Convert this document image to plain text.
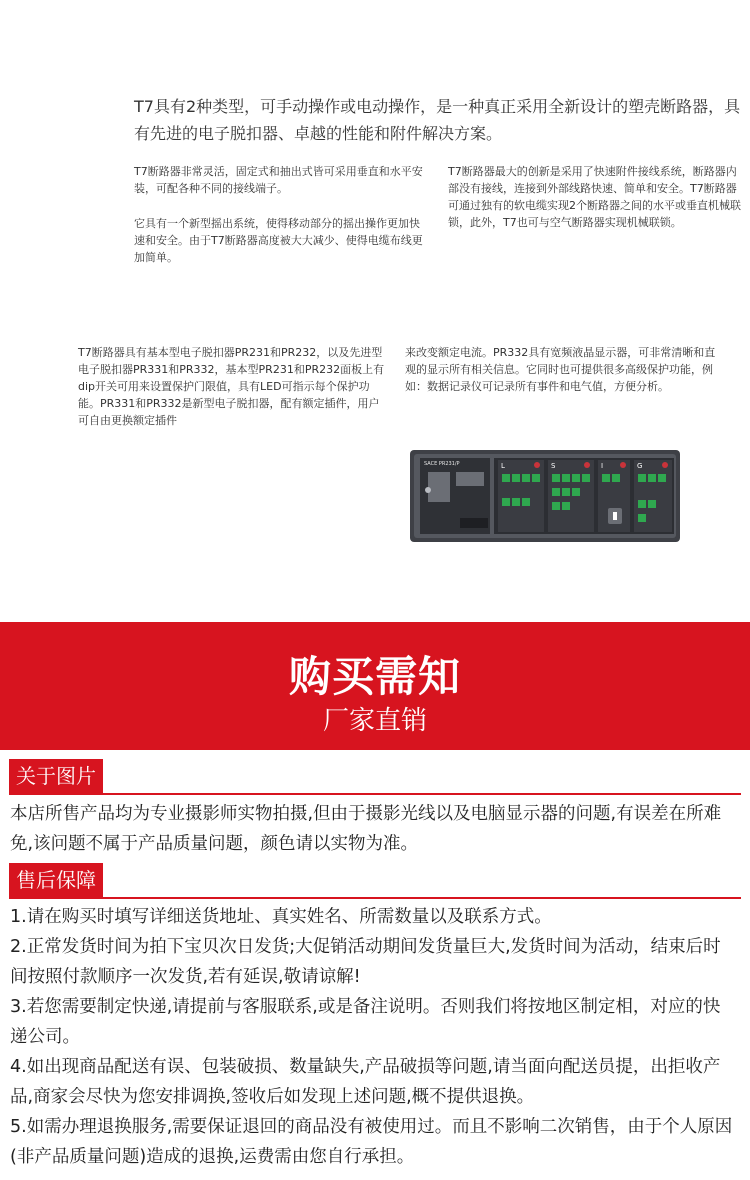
T7具有2种类型，可手动操作或电动操作，是一种真正采用全新设计的塑壳断路器，具有先进的电子脱扣器、卓越的性能和附件解决方案。
T7断路器非常灵活，固定式和抽出式皆可采用垂直和水平安装，可配各种不同的接线端子。
它具有一个新型摇出系统，使得移动部分的摇出操作更加快速和安全。由于T7断路器高度被大大减少、使得电缆布线更加简单。
T7断路器最大的创新是采用了快速附件接线系统，断路器内部没有接线，连接到外部线路快速、简单和安全。T7断路器可通过独有的软电缆实现2个断路器之间的水平或垂直机械联锁，此外，T7也可与空气断路器实现机械联锁。
T7断路器具有基本型电子脱扣器PR231和PR232，以及先进型电子脱扣器PR331和PR332，基本型PR231和PR232面板上有dip开关可用来设置保护门限值，具有LED可指示每个保护功能。PR331和PR332是新型电子脱扣器，配有额定插件，用户可自由更换额定插件
来改变额定电流。PR332具有宽频液晶显示器，可非常清晰和直观的显示所有相关信息。它同时也可提供很多高级保护功能，例如：数据记录仪可记录所有事件和电气值，方便分析。
SACE PR231/P	L	S	I	G
购买需知
厂家直销
关于图片
本店所售产品均为专业摄影师实物拍摄,但由于摄影光线以及电脑显示器的问题,有误差在所难免,该问题不属于产品质量问题，颜色请以实物为准。
售后保障
1.请在购买时填写详细送货地址、真实姓名、所需数量以及联系方式。
2.正常发货时间为拍下宝贝次日发货;大促销活动期间发货量巨大,发货时间为活动，结束后时间按照付款顺序一次发货,若有延误,敬请谅解!
3.若您需要制定快递,请提前与客服联系,或是备注说明。否则我们将按地区制定相，对应的快递公司。
4.如出现商品配送有误、包装破损、数量缺失,产品破损等问题,请当面向配送员提，出拒收产品,商家会尽快为您安排调换,签收后如发现上述问题,概不提供退换。
5.如需办理退换服务,需要保证退回的商品没有被使用过。而且不影响二次销售，由于个人原因(非产品质量问题)造成的退换,运费需由您自行承担。
